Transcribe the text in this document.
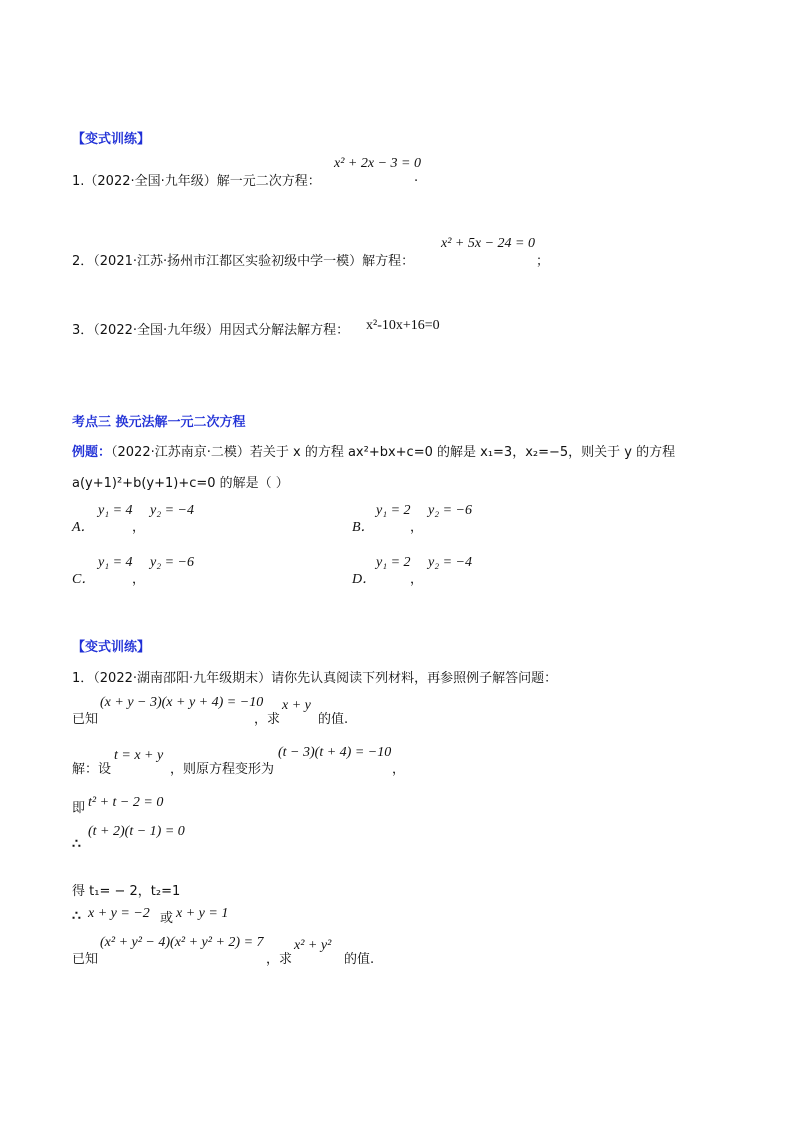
【变式训练】
1.（2022·全国·九年级）解一元二次方程：
x² + 2x − 3 = 0
.
2．（2021·江苏·扬州市江都区实验初级中学一模）解方程：
x² + 5x − 24 = 0
；
3．（2022·全国·九年级）用因式分解法解方程： x²-10x+16=0
考点三 换元法解一元二次方程
例题：（2022·江苏南京·二模）若关于 x 的方程 ax²+bx+c=0 的解是 x₁=3，x₂=−5，则关于 y 的方程
a(y+1)²+b(y+1)+c=0 的解是（ ）
A．
y₁ = 4
，
y₂ = −4
B．
y₁ = 2
，
y₂ = −6
C．
y₁ = 4
，
y₂ = −6
D．
y₁ = 2
，
y₂ = −4
【变式训练】
1．（2022·湖南邵阳·九年级期末）请你先认真阅读下列材料，再参照例子解答问题：
已知
(x + y − 3)(x + y + 4) = −10
，求
x + y
的值.
解：设
t = x + y
，则原方程变形为
(t − 3)(t + 4) = −10
，
即 t² + t − 2 = 0
∴
(t + 2)(t − 1) = 0
得 t₁= − 2，t₂=1
∴ x + y = −2 或 x + y = 1
已知
(x² + y² − 4)(x² + y² + 2) = 7
，求
x² + y²
的值.
